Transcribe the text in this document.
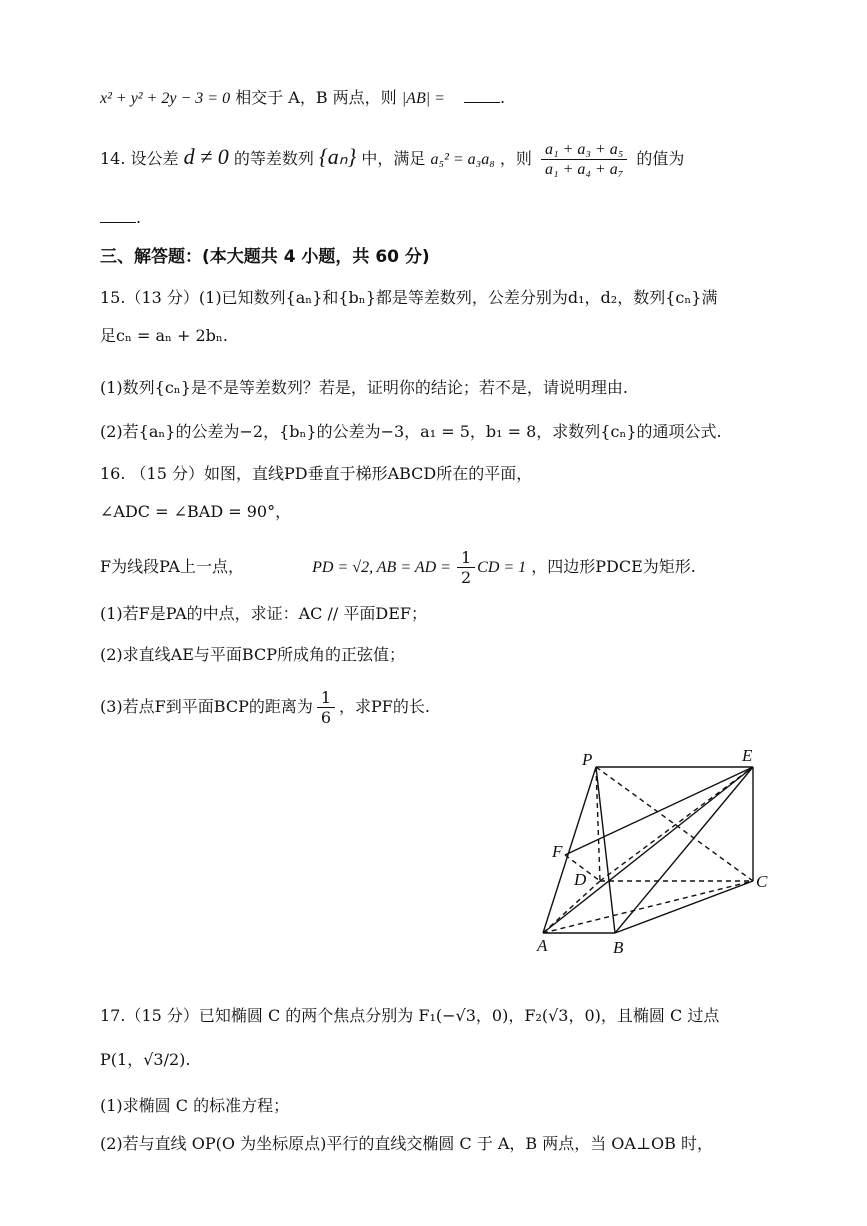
x² + y² + 2y − 3 = 0 相交于 A，B 两点，则 |AB| =	.
14. 设公差 d ≠ 0 的等差数列 {aₙ} 中，满足 a₅² = a₃a₈ ，则 $\frac{\text{a₁ + a₃ + a₅}}{\text{a₁ + a₄ + a₇}}$ 的值为
.
三、解答题：(本大题共 4 小题，共 60 分)
15.（13 分）(1)已知数列{aₙ}和{bₙ}都是等差数列，公差分别为d₁，d₂，数列{cₙ}满
足cₙ = aₙ + 2bₙ.
(1)数列{cₙ}是不是等差数列？若是，证明你的结论；若不是，请说明理由.
(2)若{aₙ}的公差为−2，{bₙ}的公差为−3，a₁ = 5，b₁ = 8，求数列{cₙ}的通项公式.
16. （15 分）如图，直线PD垂直于梯形ABCD所在的平面，
∠ADC = ∠BAD = 90°，
F为线段PA上一点，	PD = √2, AB = AD = $\frac{1}{2}$ CD = 1 ，四边形PDCE为矩形.
(1)若F是PA的中点，求证：AC // 平面DEF；
(2)求直线AE与平面BCP所成角的正弦值；
(3)若点F到平面BCP的距离为 $\frac{1}{6}$ ，求PF的长.
P	E
F
D	C
A	B
17.（15 分）已知椭圆 C 的两个焦点分别为 F₁(−√3，0)，F₂(√3，0)，且椭圆 C 过点
P(1，√3/2).
(1)求椭圆 C 的标准方程；
(2)若与直线 OP(O 为坐标原点)平行的直线交椭圆 C 于 A，B 两点，当 OA⊥OB 时，
